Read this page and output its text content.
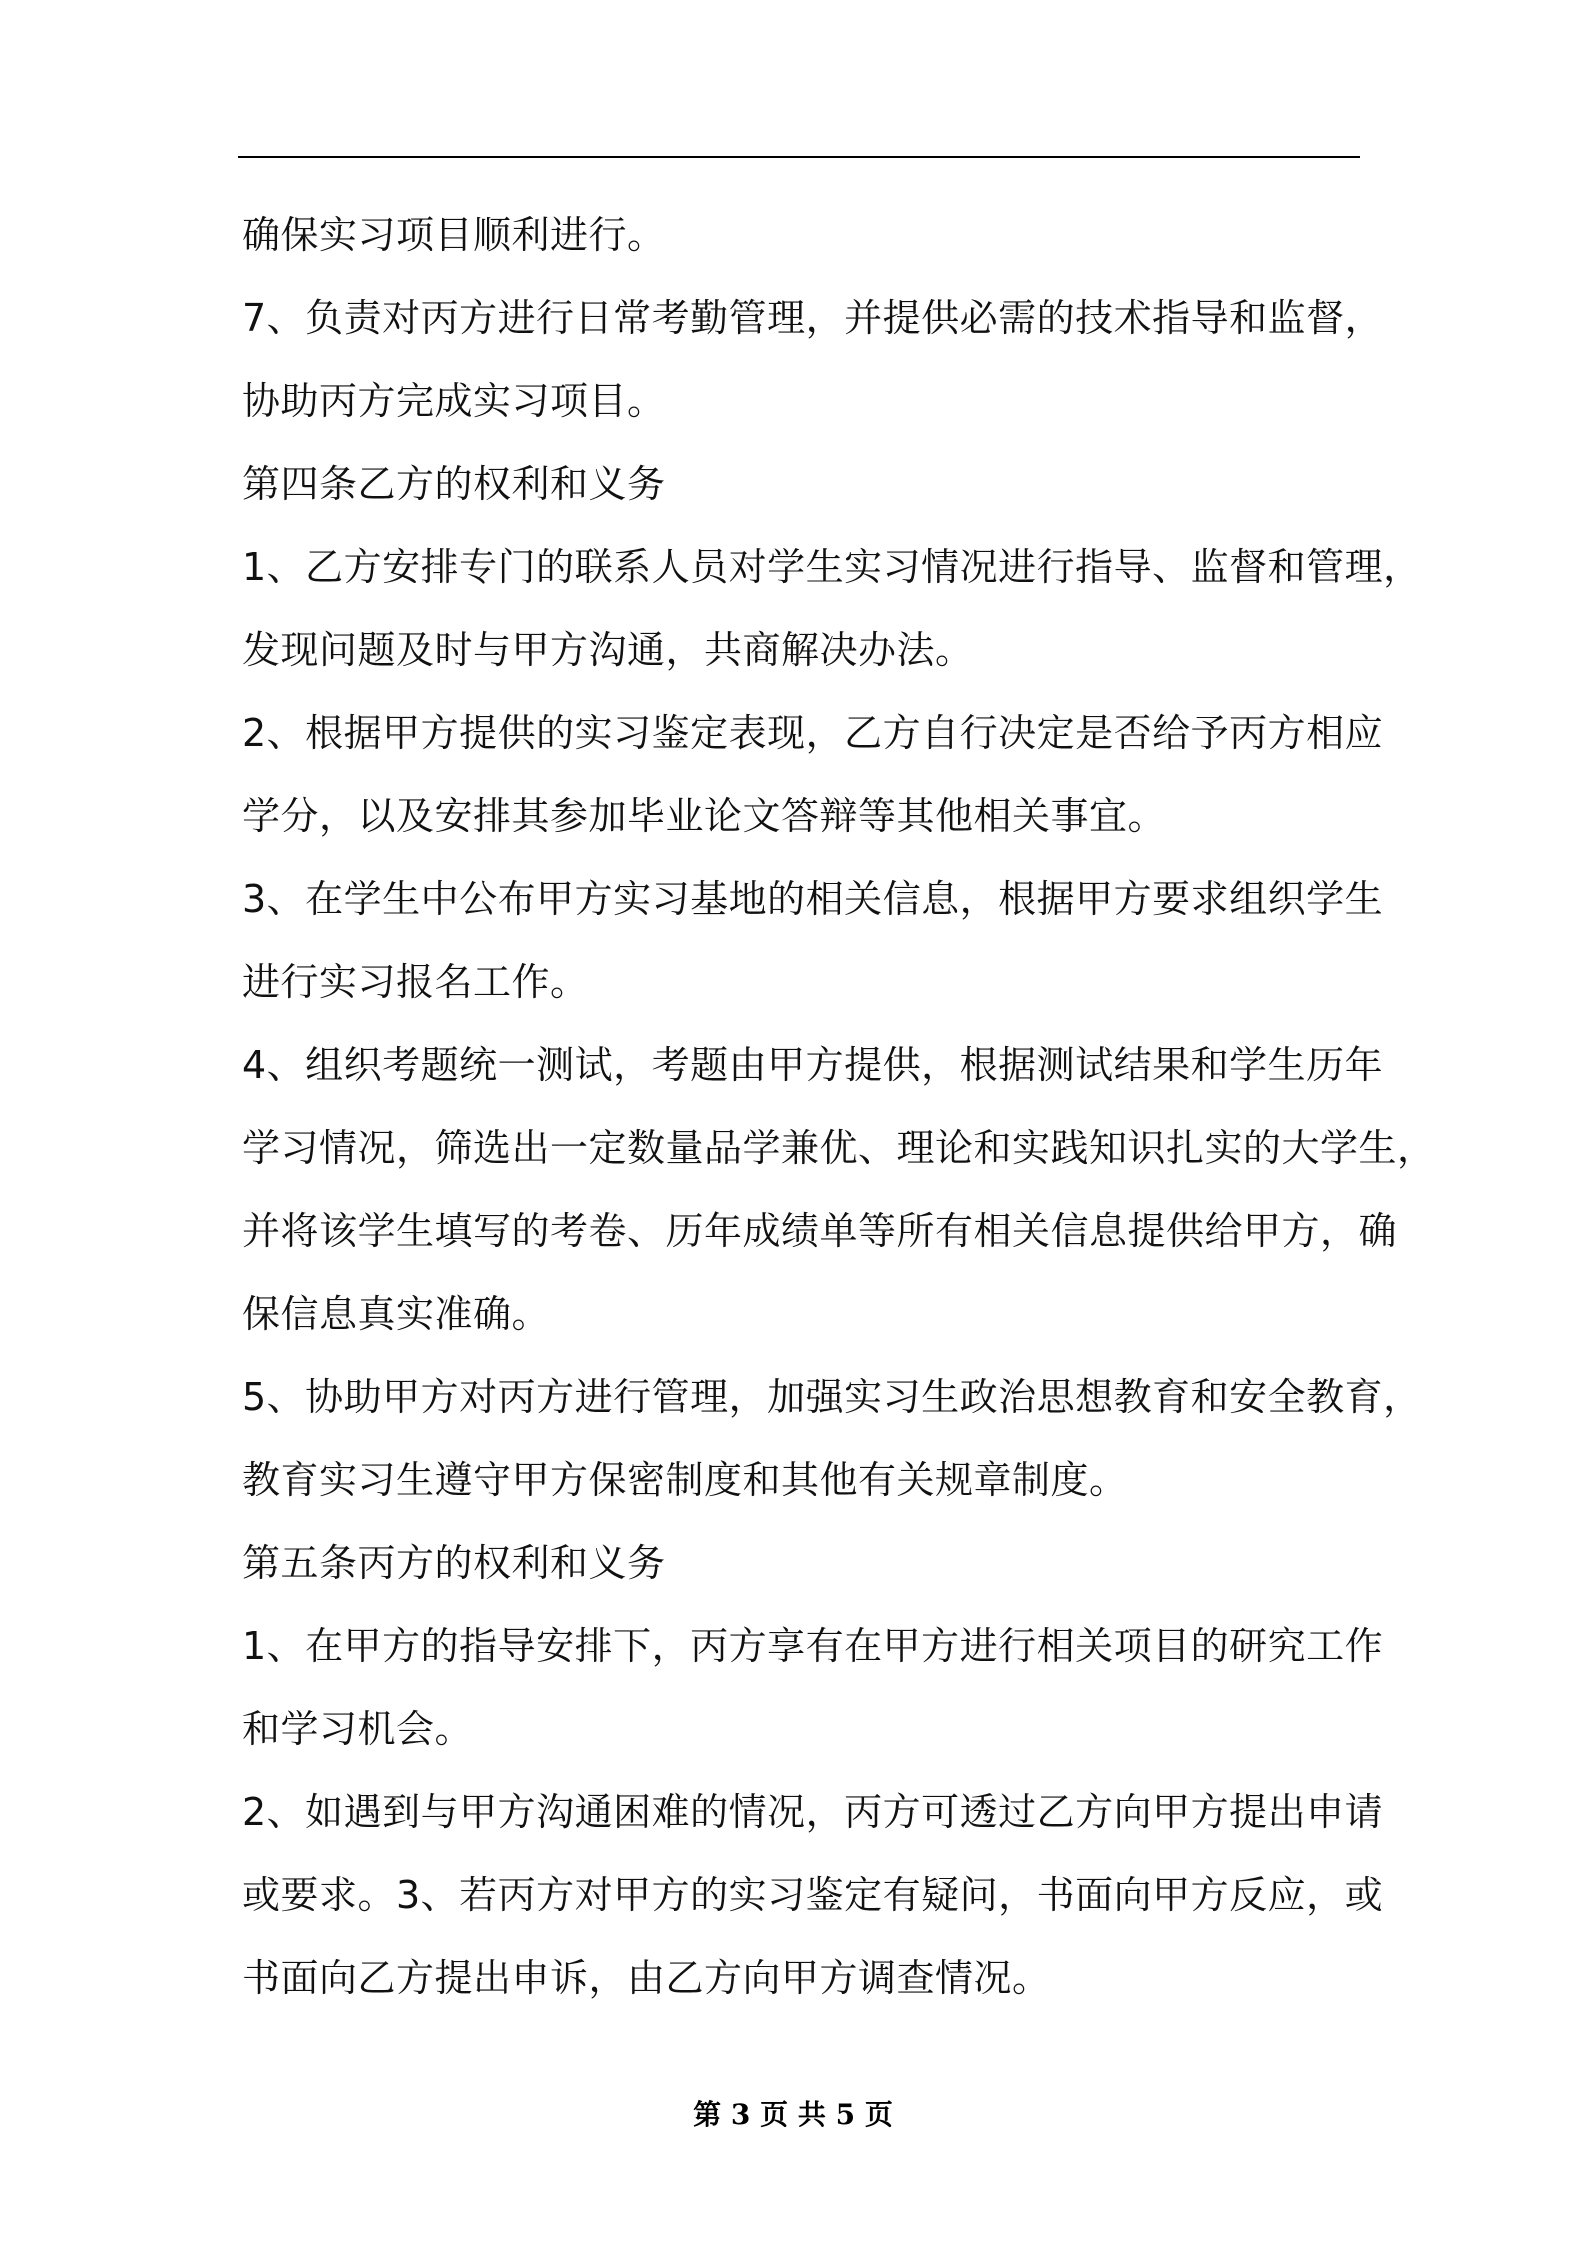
确保实习项目顺利进行。
7、负责对丙方进行日常考勤管理，并提供必需的技术指导和监督，
协助丙方完成实习项目。
第四条乙方的权利和义务
1、乙方安排专门的联系人员对学生实习情况进行指导、监督和管理，
发现问题及时与甲方沟通，共商解决办法。
2、根据甲方提供的实习鉴定表现，乙方自行决定是否给予丙方相应
学分，以及安排其参加毕业论文答辩等其他相关事宜。
3、在学生中公布甲方实习基地的相关信息，根据甲方要求组织学生
进行实习报名工作。
4、组织考题统一测试，考题由甲方提供，根据测试结果和学生历年
学习情况，筛选出一定数量品学兼优、理论和实践知识扎实的大学生，
并将该学生填写的考卷、历年成绩单等所有相关信息提供给甲方，确
保信息真实准确。
5、协助甲方对丙方进行管理，加强实习生政治思想教育和安全教育，
教育实习生遵守甲方保密制度和其他有关规章制度。
第五条丙方的权利和义务
1、在甲方的指导安排下，丙方享有在甲方进行相关项目的研究工作
和学习机会。
2、如遇到与甲方沟通困难的情况，丙方可透过乙方向甲方提出申请
或要求。3、若丙方对甲方的实习鉴定有疑问，书面向甲方反应，或
书面向乙方提出申诉，由乙方向甲方调查情况。
第 3 页 共 5 页
